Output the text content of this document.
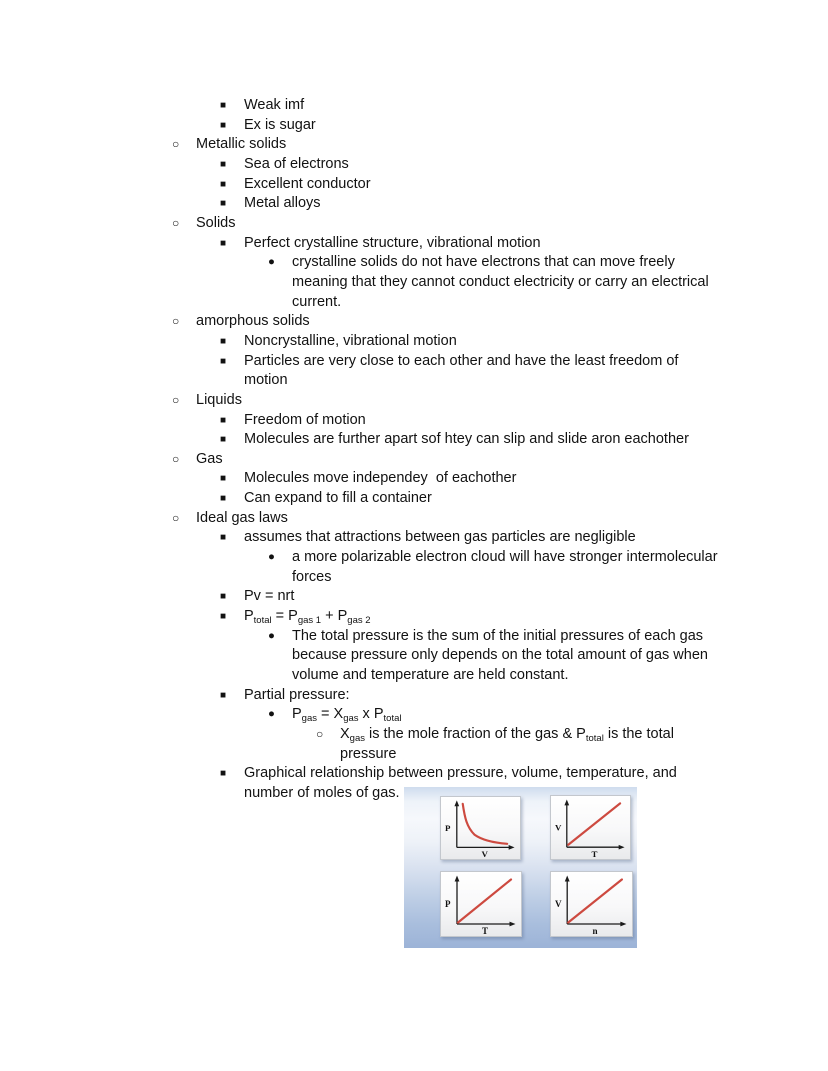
■ Weak imf
■ Ex is sugar
○ Metallic solids
■ Sea of electrons
■ Excellent conductor
■ Metal alloys
○ Solids
■ Perfect crystalline structure, vibrational motion
● crystalline solids do not have electrons that can move freely
meaning that they cannot conduct electricity or carry an electrical
current.
○ amorphous solids
■ Noncrystalline, vibrational motion
■ Particles are very close to each other and have the least freedom of
motion
○ Liquids
■ Freedom of motion
■ Molecules are further apart sof htey can slip and slide aron eachother
○ Gas
■ Molecules move independey  of eachother
■ Can expand to fill a container
○ Ideal gas laws
■ assumes that attractions between gas particles are negligible
● a more polarizable electron cloud will have stronger intermolecular
forces
■ Pv = nrt
■ $P_{total} = P_{gas 1} + P_{gas 2}$
● The total pressure is the sum of the initial pressures of each gas
because pressure only depends on the total amount of gas when
volume and temperature are held constant.
■ Partial pressure:
● $P_{gas} = X_{gas}$ x $P_{total}$
○ $X_{gas}$ is the mole fraction of the gas & $P_{total}$ is the total
pressure
■ Graphical relationship between pressure, volume, temperature, and
number of moles of gas.
P
V
V
T
P
T
V
n
